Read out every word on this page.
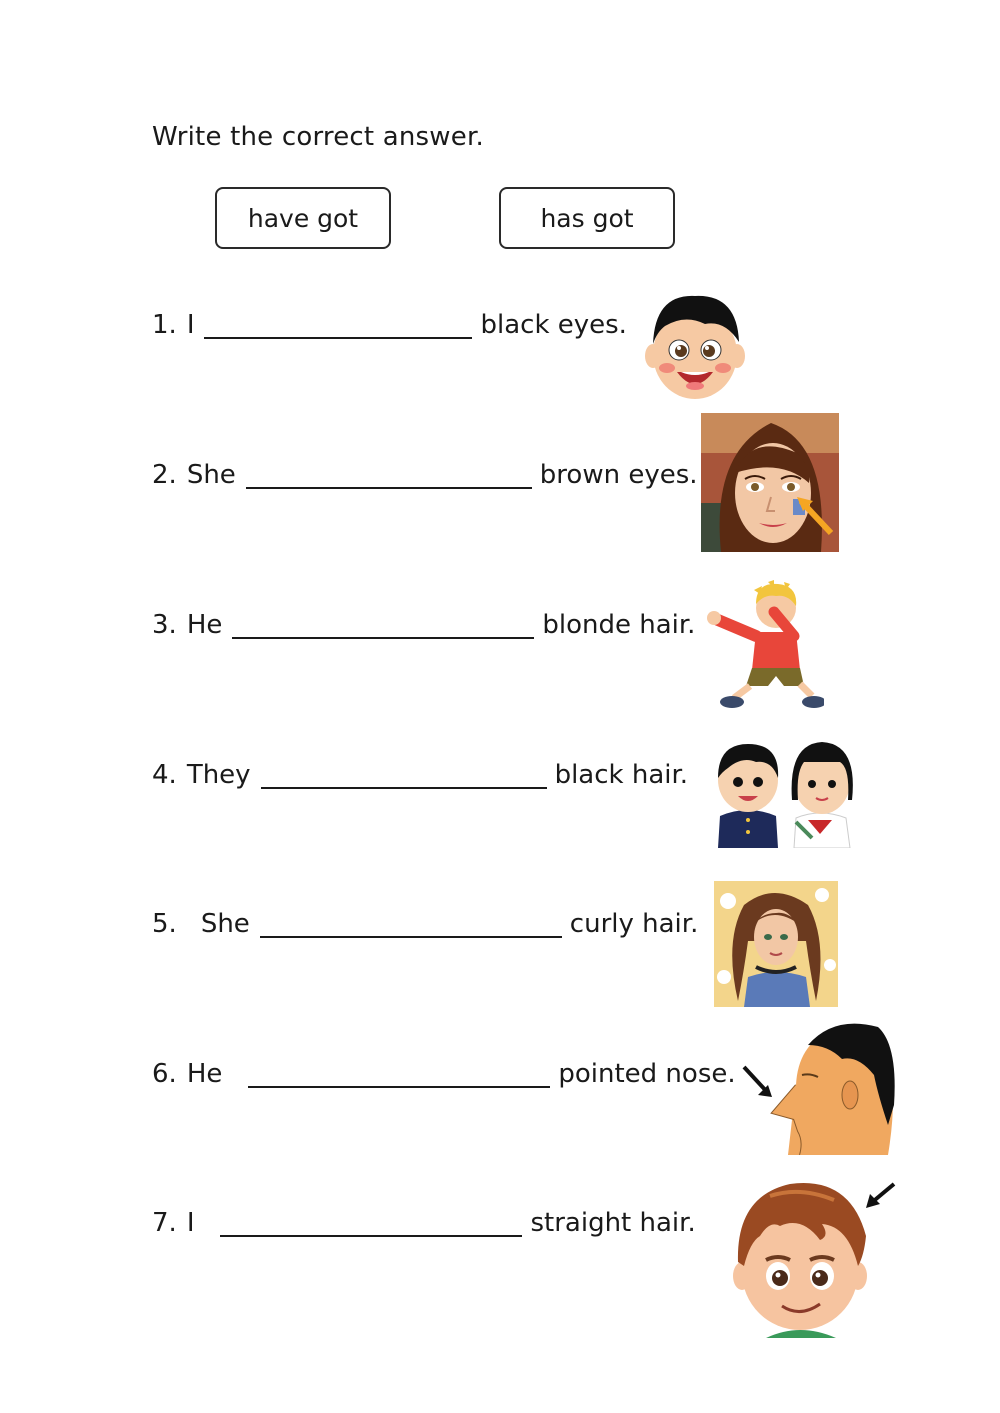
Write the correct answer.
have got	has got
1. I	black eyes.
2. She	brown eyes.
3. He	blonde hair.
4. They	black hair.
5. She	curly hair.
6. He	pointed nose.
7. I	straight hair.
